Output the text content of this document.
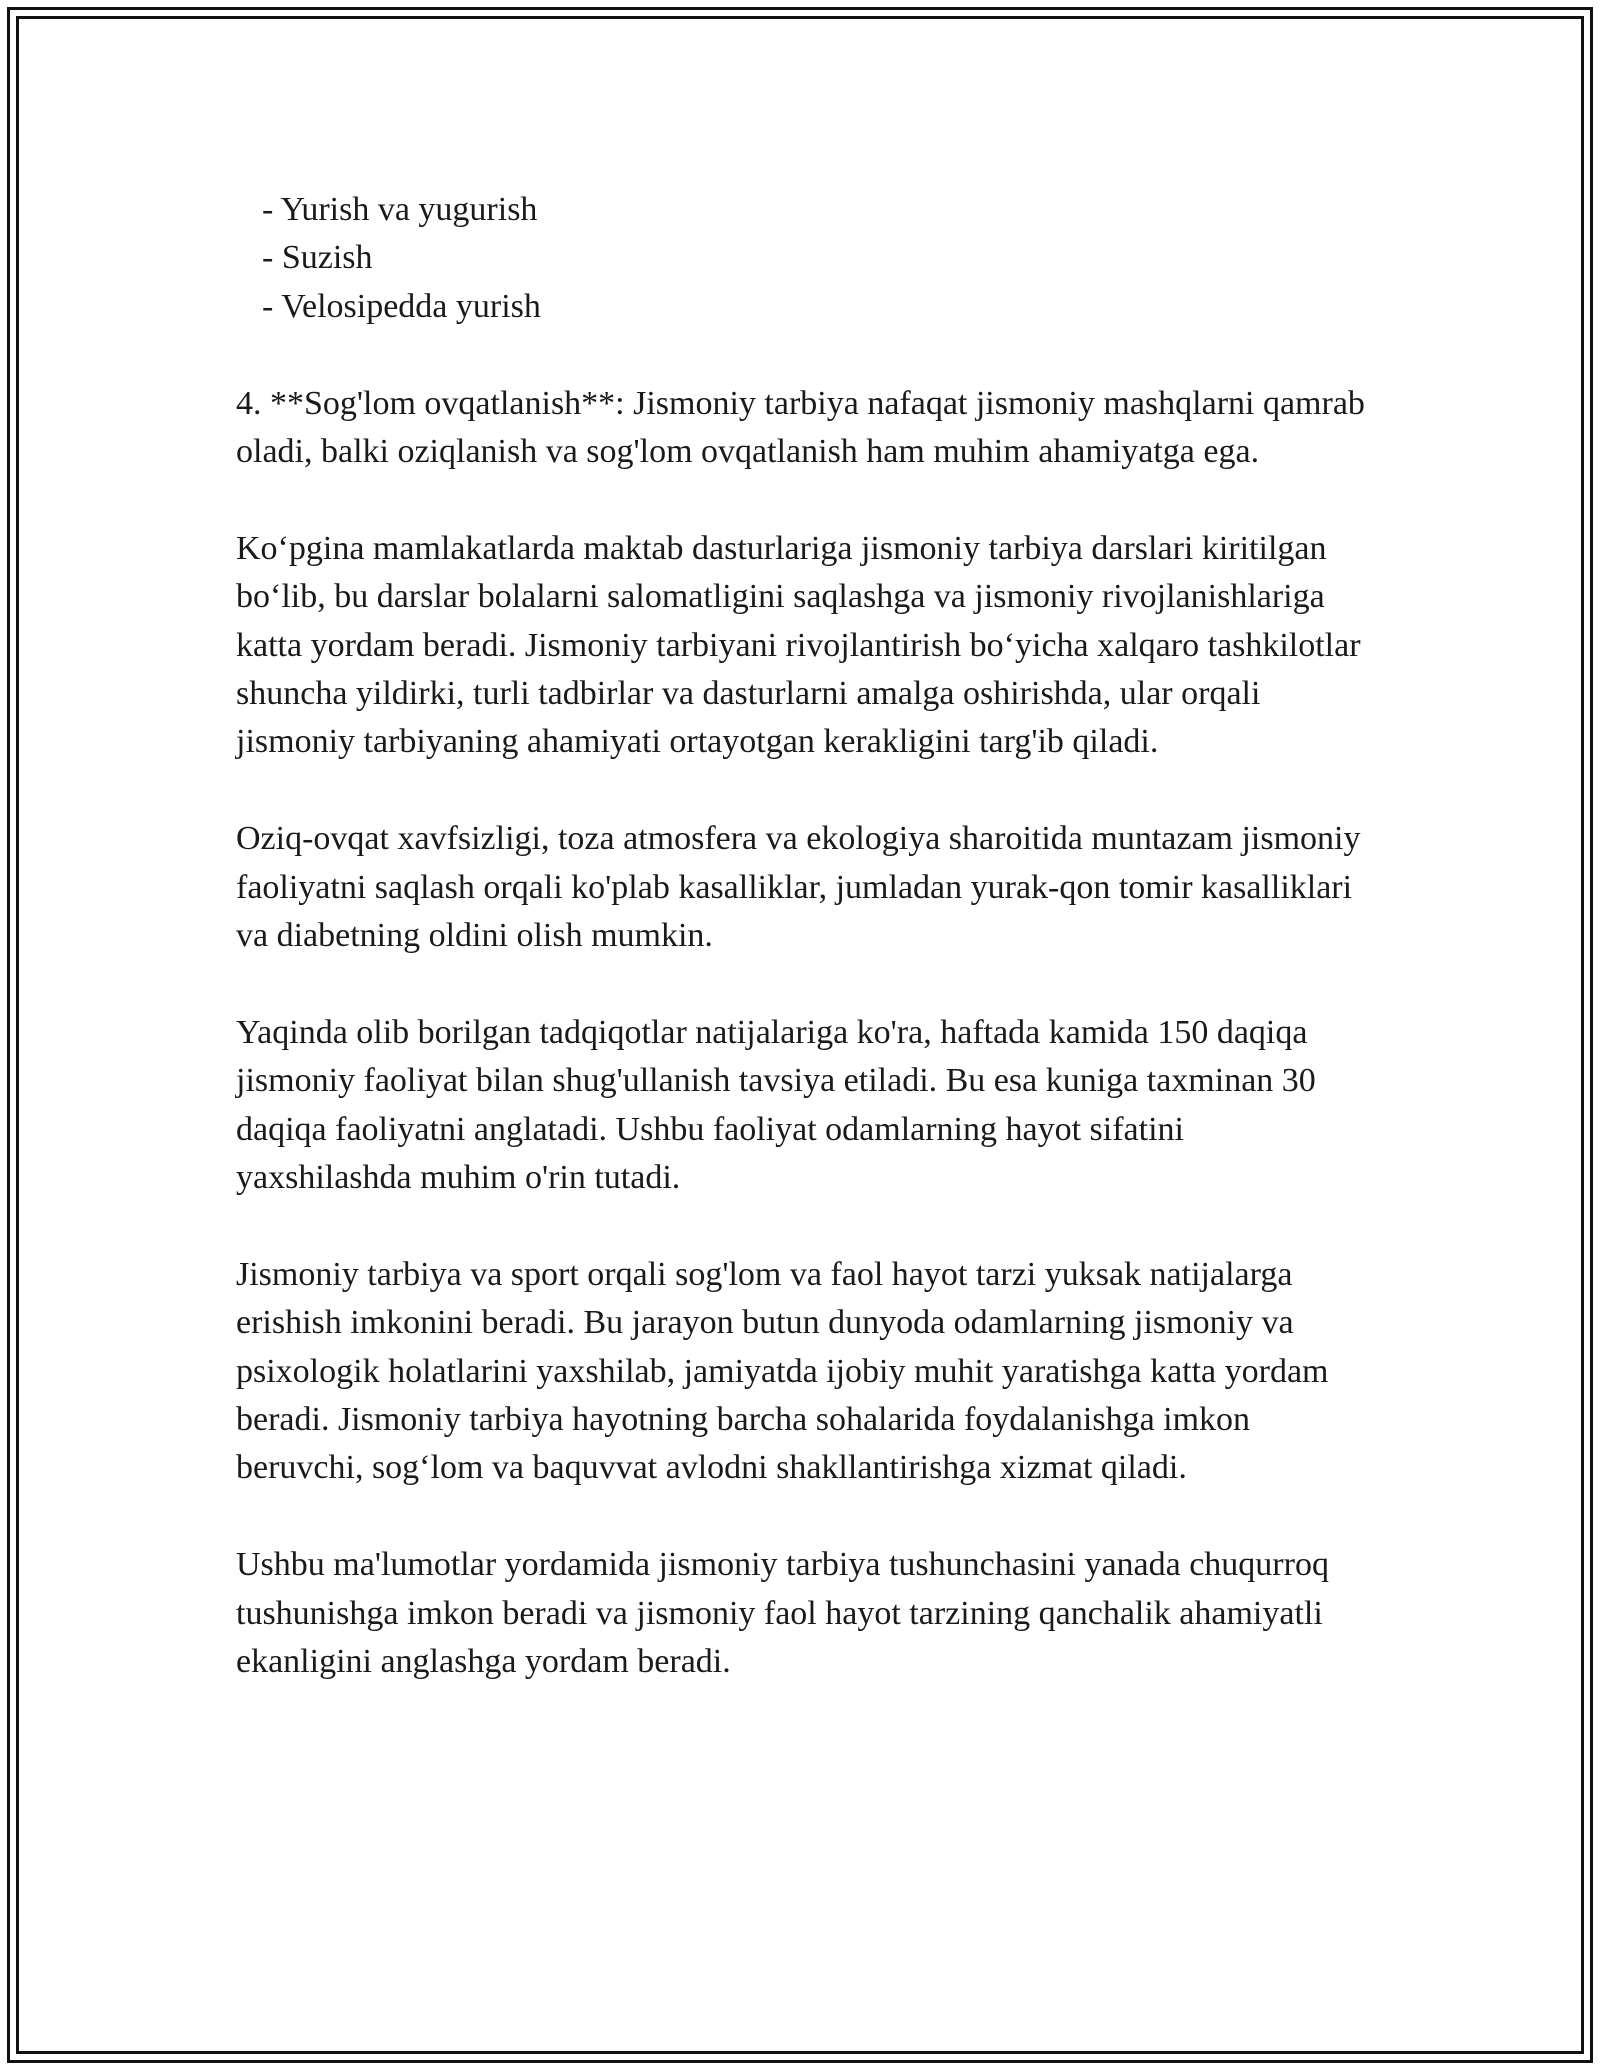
- Yurish va yugurish
- Suzish
- Velosipedda yurish

4. **Sog'lom ovqatlanish**: Jismoniy tarbiya nafaqat jismoniy mashqlarni qamrab oladi, balki oziqlanish va sog'lom ovqatlanish ham muhim ahamiyatga ega.

Ko‘pgina mamlakatlarda maktab dasturlariga jismoniy tarbiya darslari kiritilgan bo‘lib, bu darslar bolalarni salomatligini saqlashga va jismoniy rivojlanishlariga katta yordam beradi. Jismoniy tarbiyani rivojlantirish bo‘yicha xalqaro tashkilotlar shuncha yildirki, turli tadbirlar va dasturlarni amalga oshirishda, ular orqali jismoniy tarbiyaning ahamiyati ortayotgan kerakligini targ'ib qiladi.

Oziq-ovqat xavfsizligi, toza atmosfera va ekologiya sharoitida muntazam jismoniy faoliyatni saqlash orqali ko'plab kasalliklar, jumladan yurak-qon tomir kasalliklari va diabetning oldini olish mumkin.

Yaqinda olib borilgan tadqiqotlar natijalariga ko'ra, haftada kamida 150 daqiqa jismoniy faoliyat bilan shug'ullanish tavsiya etiladi. Bu esa kuniga taxminan 30 daqiqa faoliyatni anglatadi. Ushbu faoliyat odamlarning hayot sifatini yaxshilashda muhim o'rin tutadi.

Jismoniy tarbiya va sport orqali sog'lom va faol hayot tarzi yuksak natijalarga erishish imkonini beradi. Bu jarayon butun dunyoda odamlarning jismoniy va psixologik holatlarini yaxshilab, jamiyatda ijobiy muhit yaratishga katta yordam beradi. Jismoniy tarbiya hayotning barcha sohalarida foydalanishga imkon beruvchi, sog‘lom va baquvvat avlodni shakllantirishga xizmat qiladi.

Ushbu ma'lumotlar yordamida jismoniy tarbiya tushunchasini yanada chuqurroq tushunishga imkon beradi va jismoniy faol hayot tarzining qanchalik ahamiyatli ekanligini anglashga yordam beradi.
